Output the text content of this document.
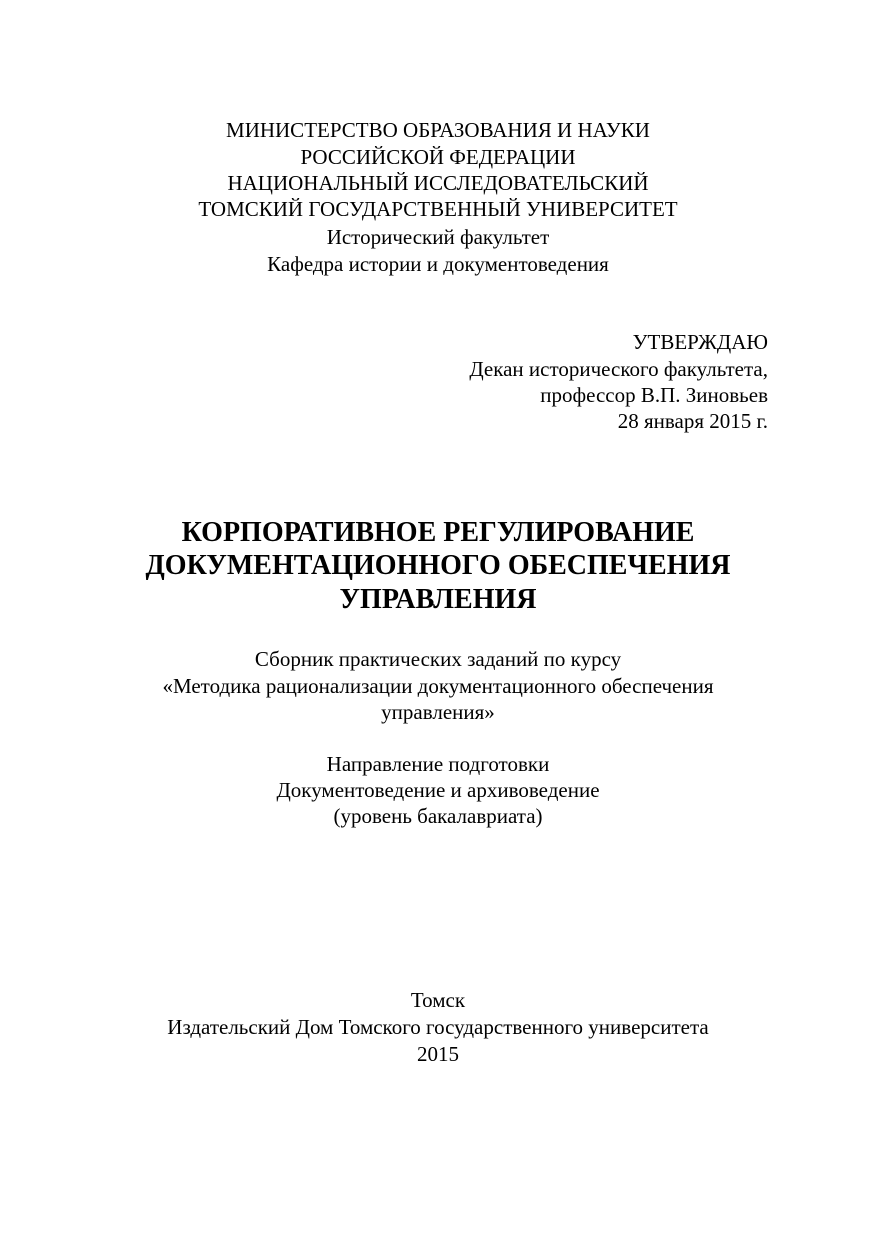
МИНИСТЕРСТВО ОБРАЗОВАНИЯ И НАУКИ
РОССИЙСКОЙ ФЕДЕРАЦИИ
НАЦИОНАЛЬНЫЙ ИССЛЕДОВАТЕЛЬСКИЙ
ТОМСКИЙ ГОСУДАРСТВЕННЫЙ УНИВЕРСИТЕТ
Исторический факультет
Кафедра истории и документоведения
УТВЕРЖДАЮ
Декан исторического факультета,
профессор В.П. Зиновьев
28 января 2015 г.
КОРПОРАТИВНОЕ РЕГУЛИРОВАНИЕ
ДОКУМЕНТАЦИОННОГО ОБЕСПЕЧЕНИЯ
УПРАВЛЕНИЯ
Сборник практических заданий по курсу
«Методика рационализации документационного обеспечения
управления»
Направление подготовки
Документоведение и архивоведение
(уровень бакалавриата)
Томск
Издательский Дом Томского государственного университета
2015
